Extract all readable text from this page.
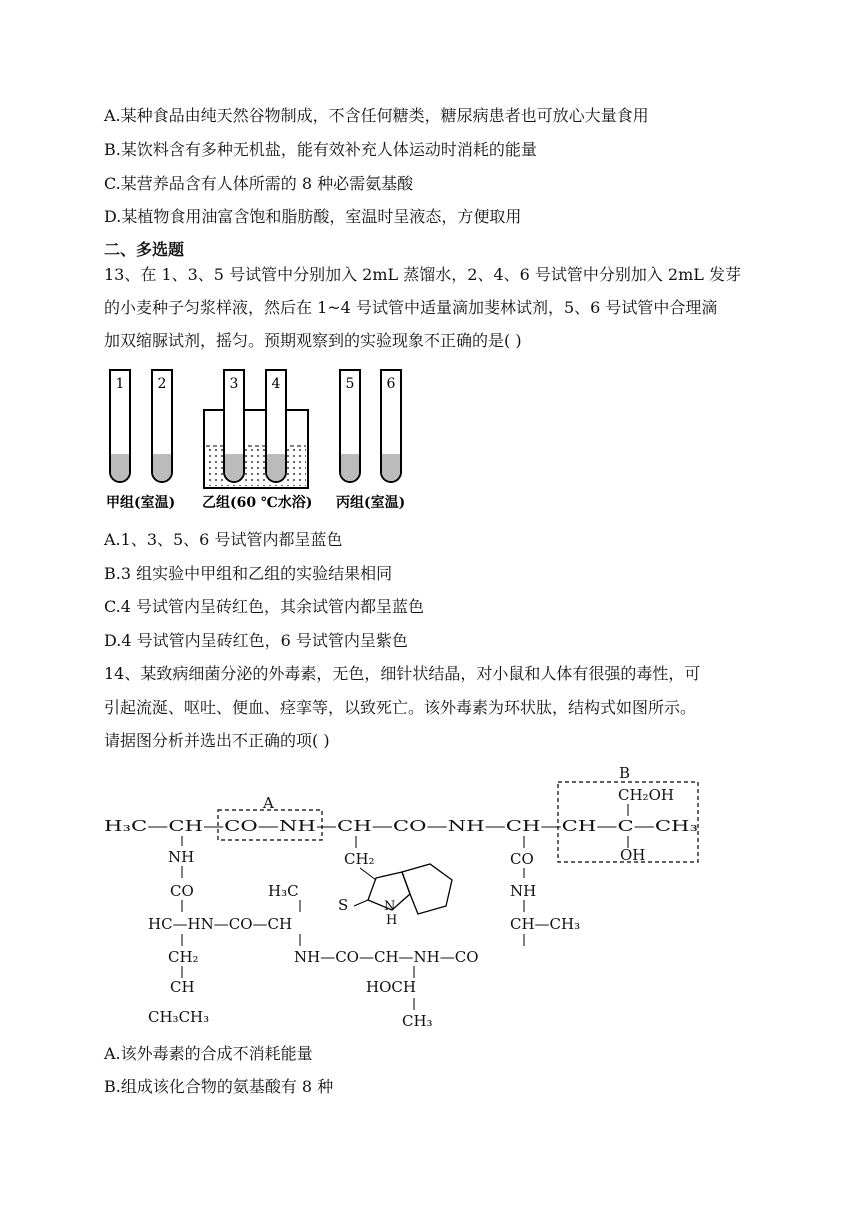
A.某种食品由纯天然谷物制成，不含任何糖类，糖尿病患者也可放心大量食用
B.某饮料含有多种无机盐，能有效补充人体运动时消耗的能量
C.某营养品含有人体所需的 8 种必需氨基酸
D.某植物食用油富含饱和脂肪酸，室温时呈液态，方便取用
二、多选题
13、在 1、3、5 号试管中分别加入 2mL 蒸馏水，2、4、6 号试管中分别加入 2mL 发芽
的小麦种子匀浆样液，然后在 1~4 号试管中适量滴加斐林试剂，5、6 号试管中合理滴
加双缩脲试剂，摇匀。预期观察到的实验现象不正确的是( )
1 2	3 4	5 6
甲组(室温) 乙组(60 ℃水浴) 丙组(室温)
A.1、3、5、6 号试管内都呈蓝色
B.3 组实验中甲组和乙组的实验结果相同
C.4 号试管内呈砖红色，其余试管内都呈蓝色
D.4 号试管内呈砖红色，6 号试管内呈紫色
14、某致病细菌分泌的外毒素，无色，细针状结晶，对小鼠和人体有很强的毒性，可
引起流涎、呕吐、便血、痉挛等，以致死亡。该外毒素为环状肽，结构式如图所示。
请据图分析并选出不正确的项( )
H₃C—CH—CO—NH—CH—CO—NH—CH—CH—C—CH₃
A
B
CH₂OH
OH
NH
CO
HC—HN—CO—CH
H₃C
CH₂
CH
CH₃CH₃
CH₂
S	N
H
CO
NH
CH—CH₃
NH—CO—CH—NH—CO
HOCH
CH₃
A.该外毒素的合成不消耗能量
B.组成该化合物的氨基酸有 8 种
